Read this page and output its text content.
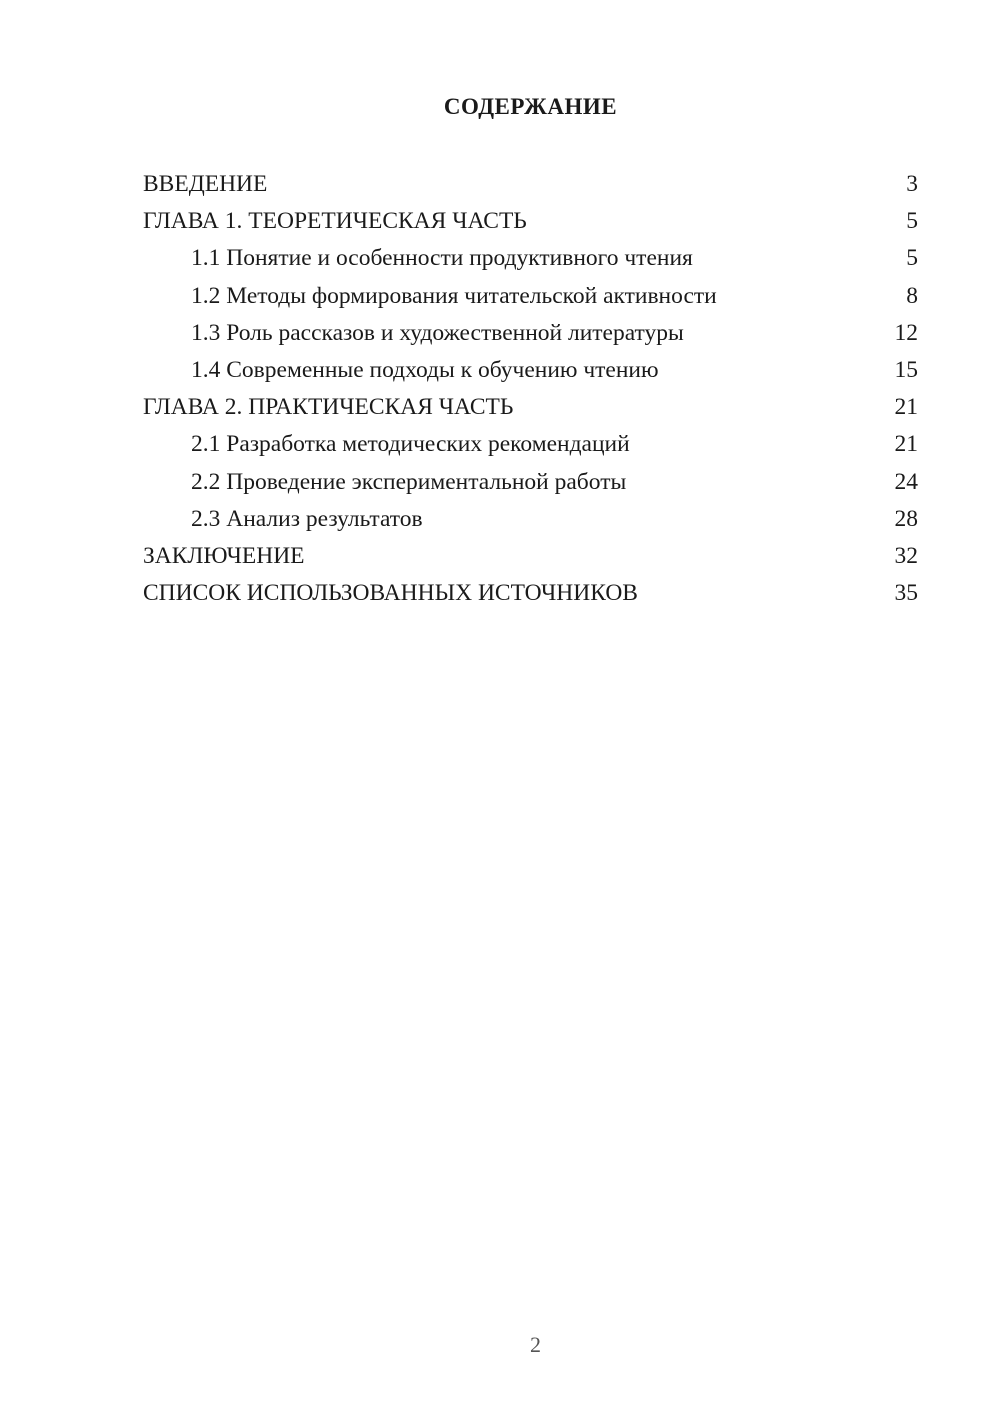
СОДЕРЖАНИЕ
ВВЕДЕНИЕ	3
ГЛАВА 1. ТЕОРЕТИЧЕСКАЯ ЧАСТЬ	5
1.1 Понятие и особенности продуктивного чтения	5
1.2 Методы формирования читательской активности	8
1.3 Роль рассказов и художественной литературы	12
1.4 Современные подходы к обучению чтению	15
ГЛАВА 2. ПРАКТИЧЕСКАЯ ЧАСТЬ	21
2.1 Разработка методических рекомендаций	21
2.2 Проведение экспериментальной работы	24
2.3 Анализ результатов	28
ЗАКЛЮЧЕНИЕ	32
СПИСОК ИСПОЛЬЗОВАННЫХ ИСТОЧНИКОВ	35
2
